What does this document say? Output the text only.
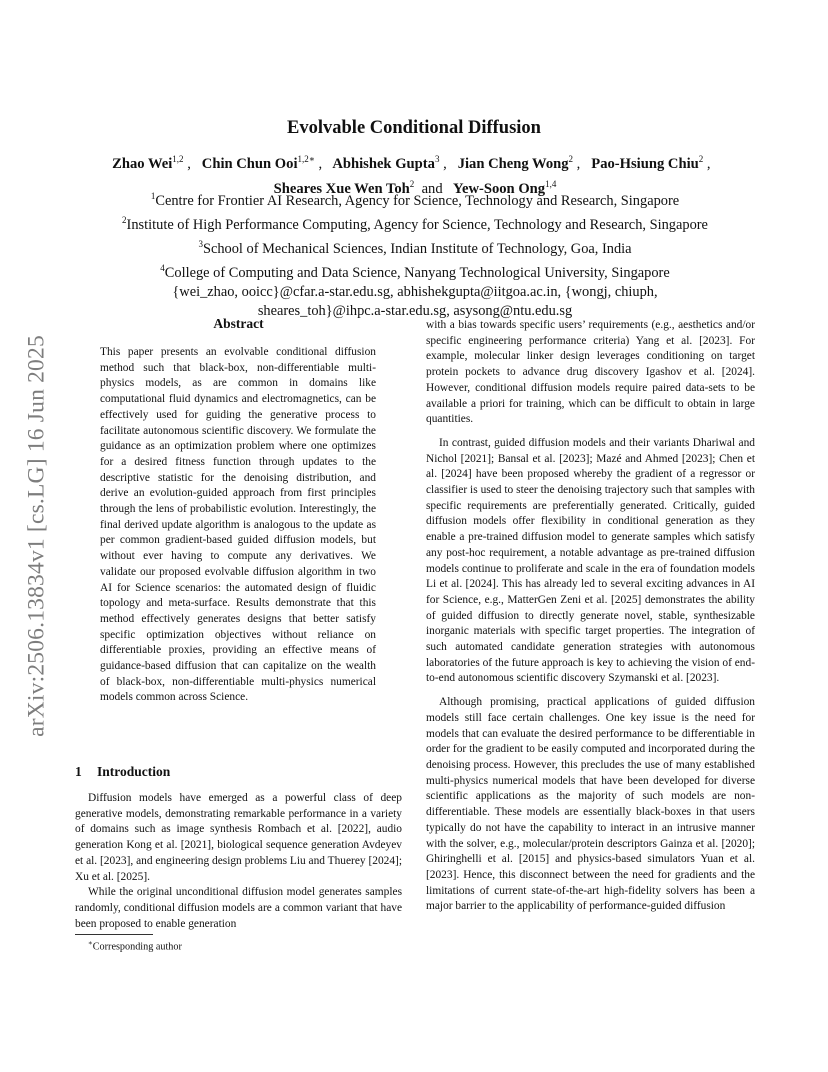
arXiv:2506.13834v1 [cs.LG] 16 Jun 2025
Evolvable Conditional Diffusion
Zhao Wei$^{1,2}$ ,   Chin Chun Ooi$^{1,2∗}$ ,   Abhishek Gupta$^3$ ,   Jian Cheng Wong$^2$ ,   Pao-Hsiung Chiu$^2$ ,   Sheares Xue Wen Toh$^2$  and   Yew-Soon Ong$^{1,4}$
$^1$Centre for Frontier AI Research, Agency for Science, Technology and Research, Singapore
$^2$Institute of High Performance Computing, Agency for Science, Technology and Research, Singapore
$^3$School of Mechanical Sciences, Indian Institute of Technology, Goa, India
$^4$College of Computing and Data Science, Nanyang Technological University, Singapore
{wei_zhao, ooicc}@cfar.a-star.edu.sg, abhishekgupta@iitgoa.ac.in, {wongj, chiuph,
sheares_toh}@ihpc.a-star.edu.sg, asysong@ntu.edu.sg
Abstract
This paper presents an evolvable conditional diffusion method such that black-box, non-differentiable multi-physics models, as are common in domains like computational fluid dynamics and electromagnetics, can be effectively used for guiding the generative process to facilitate autonomous scientific discovery. We formulate the guidance as an optimization problem where one optimizes for a desired fitness function through updates to the descriptive statistic for the denoising distribution, and derive an evolution-guided approach from first principles through the lens of probabilistic evolution. Interestingly, the final derived update algorithm is analogous to the update as per common gradient-based guided diffusion models, but without ever having to compute any derivatives. We validate our proposed evolvable diffusion algorithm in two AI for Science scenarios: the automated design of fluidic topology and meta-surface. Results demonstrate that this method effectively generates designs that better satisfy specific optimization objectives without reliance on differentiable proxies, providing an effective means of guidance-based diffusion that can capitalize on the wealth of black-box, non-differentiable multi-physics numerical models common across Science.
1 Introduction

Diffusion models have emerged as a powerful class of deep generative models, demonstrating remarkable performance in a variety of domains such as image synthesis Rombach et al. [2022], audio generation Kong et al. [2021], biological sequence generation Avdeyev et al. [2023], and engineering design problems Liu and Thuerey [2024]; Xu et al. [2025].

While the original unconditional diffusion model generates samples randomly, conditional diffusion models are a common variant that have been proposed to enable generation

with a bias towards specific users’ requirements (e.g., aesthetics and/or specific engineering performance criteria) Yang et al. [2023]. For example, molecular linker design leverages conditioning on target protein pockets to advance drug discovery Igashov et al. [2024]. However, conditional diffusion models require paired data-sets to be available a priori for training, which can be difficult to obtain in large quantities.

In contrast, guided diffusion models and their variants Dhariwal and Nichol [2021]; Bansal et al. [2023]; Mazé and Ahmed [2023]; Chen et al. [2024] have been proposed whereby the gradient of a regressor or classifier is used to steer the denoising trajectory such that samples with specific requirements are preferentially generated. Critically, guided diffusion models offer flexibility in conditional generation as they enable a pre-trained diffusion model to generate samples which satisfy any post-hoc requirement, a notable advantage as pre-trained diffusion models continue to proliferate and scale in the era of foundation models Li et al. [2024]. This has already led to several exciting advances in AI for Science, e.g., MatterGen Zeni et al. [2025] demonstrates the ability of guided diffusion to directly generate novel, stable, synthesizable inorganic materials with specific target properties. The integration of such automated candidate generation strategies with autonomous laboratories of the future approach is key to achieving the vision of end-to-end autonomous scientific discovery Szymanski et al. [2023].

Although promising, practical applications of guided diffusion models still face certain challenges. One key issue is the need for models that can evaluate the desired performance to be differentiable in order for the gradient to be easily computed and incorporated during the denoising process. However, this precludes the use of many established multi-physics numerical models that have been developed for diverse scientific applications as the majority of such models are non-differentiable. These models are essentially black-boxes in that users typically do not have the capability to interact in an intrusive manner with the solver, e.g., molecular/protein descriptors Gainza et al. [2020]; Ghiringhelli et al. [2015] and physics-based simulators Yuan et al. [2023]. Hence, this disconnect between the need for gradients and the limitations of current state-of-the-art high-fidelity solvers has been a major barrier to the applicability of performance-guided diffusion

∗Corresponding author
